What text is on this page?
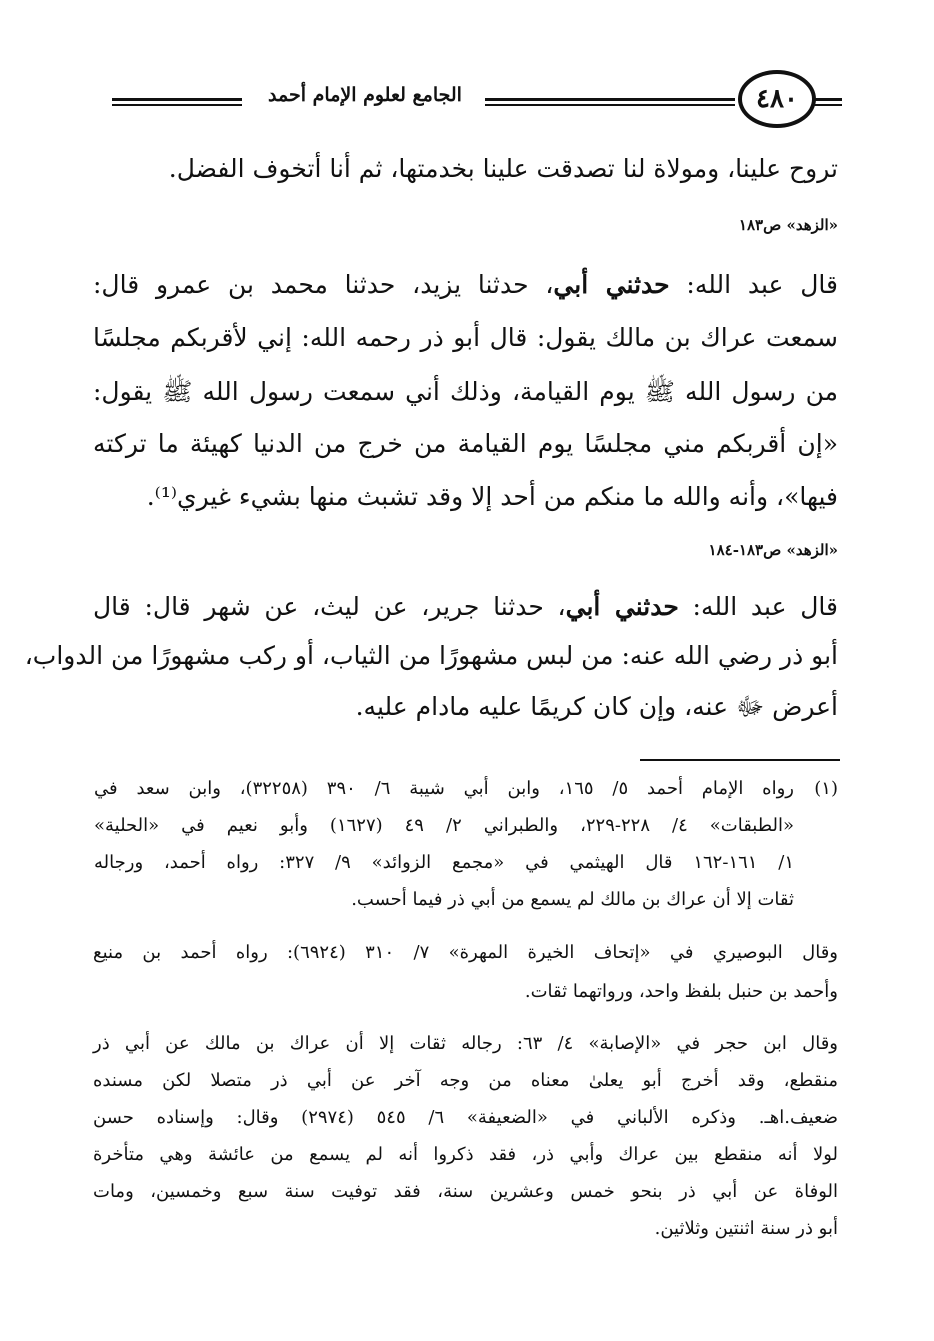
الجامع لعلوم الإمام أحمد	٤٨٠
تروح علينا، ومولاة لنا تصدقت علينا بخدمتها، ثم أنا أتخوف الفضل.
«الزهد» ص١٨٣
قال عبد الله: حدثني أبي، حدثنا يزيد، حدثنا محمد بن عمرو قال:
سمعت عراك بن مالك يقول: قال أبو ذر رحمه الله: إني لأقربكم مجلسًا
من رسول الله ﷺ يوم القيامة، وذلك أني سمعت رسول الله ﷺ يقول:
«إن أقربكم مني مجلسًا يوم القيامة من خرج من الدنيا كهيئة ما تركته
فيها»، وأنه والله ما منكم من أحد إلا وقد تشبث منها بشيء غيري⁽¹⁾.
«الزهد» ص١٨٣-١٨٤
قال عبد الله: حدثني أبي، حدثنا جرير، عن ليث، عن شهر قال: قال
أبو ذر رضي الله عنه: من لبس مشهورًا من الثياب، أو ركب مشهورًا من الدواب،
أعرض ﷻ عنه، وإن كان كريمًا عليه مادام عليه.
(١)
رواه الإمام أحمد ٥/ ١٦٥، وابن أبي شيبة ٦/ ٣٩٠ (٣٢٢٥٨)، وابن سعد في
«الطبقات» ٤/ ٢٢٨-٢٢٩، والطبراني ٢/ ٤٩ (١٦٢٧) وأبو نعيم في «الحلية»
١/ ١٦١-١٦٢ قال الهيثمي في «مجمع الزوائد» ٩/ ٣٢٧: رواه أحمد، ورجاله
ثقات إلا أن عراك بن مالك لم يسمع من أبي ذر فيما أحسب.
وقال البوصيري في «إتحاف الخيرة المهرة» ٧/ ٣١٠ (٦٩٢٤): رواه أحمد بن منيع
وأحمد بن حنبل بلفظ واحد، ورواتهما ثقات.
وقال ابن حجر في «الإصابة» ٤/ ٦٣: رجاله ثقات إلا أن عراك بن مالك عن أبي ذر
منقطع، وقد أخرج أبو يعلىٰ معناه من وجه آخر عن أبي ذر متصلا لكن مسنده
ضعيف.اهـ. وذكره الألباني في «الضعيفة» ٦/ ٥٤٥ (٢٩٧٤) وقال: وإسناده حسن
لولا أنه منقطع بين عراك وأبي ذر، فقد ذكروا أنه لم يسمع من عائشة وهي متأخرة
الوفاة عن أبي ذر بنحو خمس وعشرين سنة، فقد توفيت سنة سبع وخمسين، ومات
أبو ذر سنة اثنتين وثلاثين.
